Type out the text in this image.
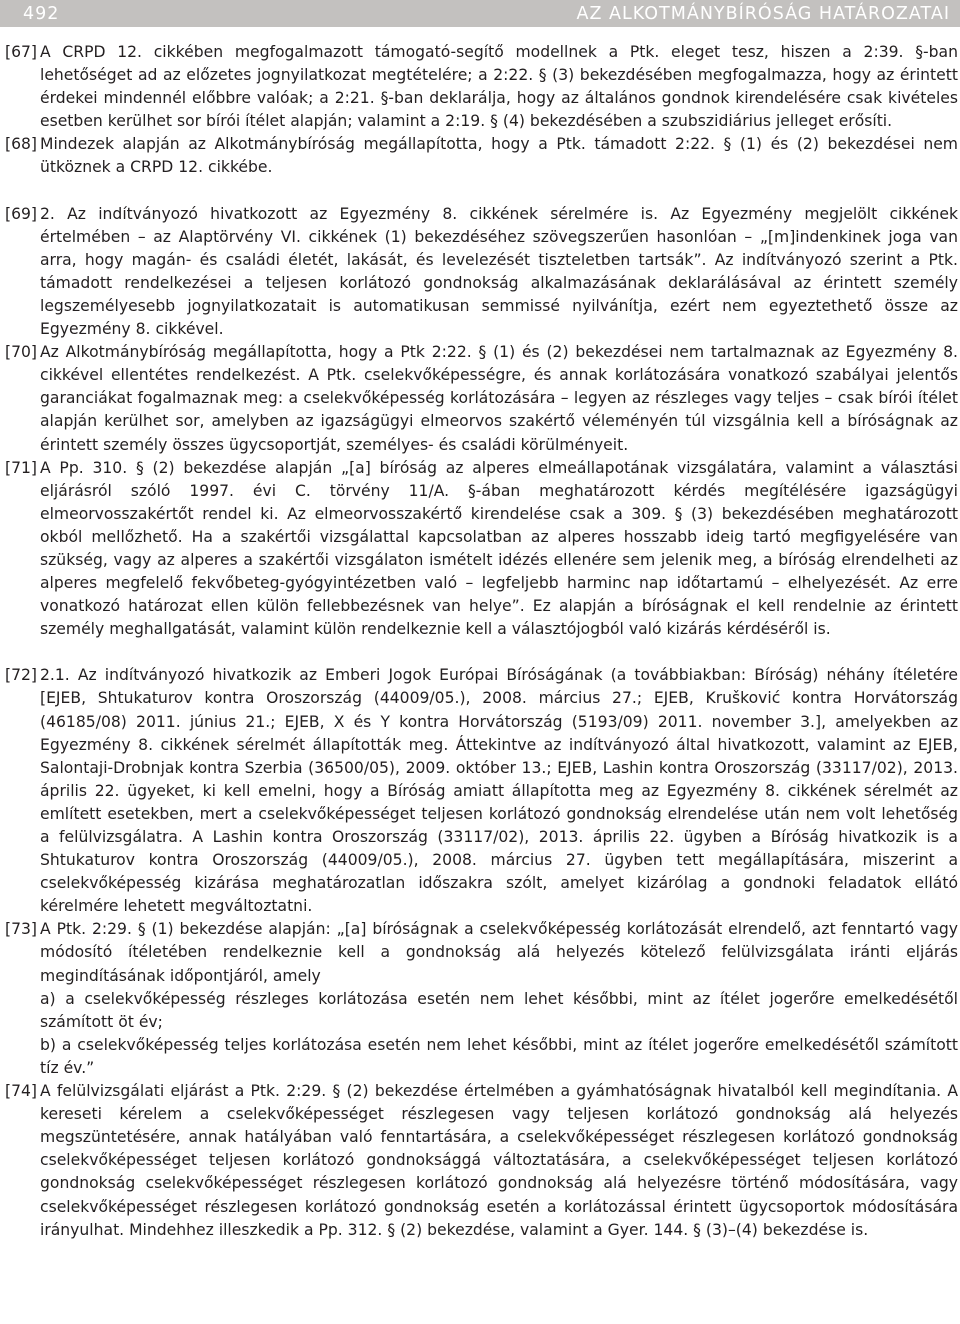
492	AZ ALKOTMÁNYBÍRÓSÁG HATÁROZATAI
[67] A CRPD 12. cikkében megfogalmazott támogató-segítő modellnek a Ptk. eleget tesz, hiszen a 2:39. §-ban lehetőséget ad az előzetes jognyilatkozat megtételére; a 2:22. § (3) bekezdésében megfogalmazza, hogy az érintett érdekei mindennél előbbre valóak; a 2:21. §-ban deklarálja, hogy az általános gondnok kirendelésére csak kivételes esetben kerülhet sor bírói ítélet alapján; valamint a 2:19. § (4) bekezdésében a szubszidiárius jelleget erősíti.
[68] Mindezek alapján az Alkotmánybíróság megállapította, hogy a Ptk. támadott 2:22. § (1) és (2) bekezdései nem ütköznek a CRPD 12. cikkébe.
[69] 2. Az indítványozó hivatkozott az Egyezmény 8. cikkének sérelmére is. Az Egyezmény megjelölt cikkének értelmében – az Alaptörvény VI. cikkének (1) bekezdéséhez szövegszerűen hasonlóan – „[m]indenkinek joga van arra, hogy magán- és családi életét, lakását, és levelezését tiszteletben tartsák”. Az indítványozó szerint a Ptk. támadott rendelkezései a teljesen korlátozó gondnokság alkalmazásának deklarálásával az érintett személy legszemélyesebb jognyilatkozatait is automatikusan semmissé nyilvánítja, ezért nem egyeztethető össze az Egyezmény 8. cikkével.
[70] Az Alkotmánybíróság megállapította, hogy a Ptk 2:22. § (1) és (2) bekezdései nem tartalmaznak az Egyezmény 8. cikkével ellentétes rendelkezést. A Ptk. cselekvőképességre, és annak korlátozására vonatkozó szabályai jelentős garanciákat fogalmaznak meg: a cselekvőképesség korlátozására – legyen az részleges vagy teljes – csak bírói ítélet alapján kerülhet sor, amelyben az igazságügyi elmeorvos szakértő véleményén túl vizsgálnia kell a bíróságnak az érintett személy összes ügycsoportját, személyes- és családi körülményeit.
[71] A Pp. 310. § (2) bekezdése alapján „[a] bíróság az alperes elmeállapotának vizsgálatára, valamint a választási eljárásról szóló 1997. évi C. törvény 11/A. §-ában meghatározott kérdés megítélésére igazságügyi elmeorvosszakértőt rendel ki. Az elmeorvosszakértő kirendelése csak a 309. § (3) bekezdésében meghatározott okból mellőzhető. Ha a szakértői vizsgálattal kapcsolatban az alperes hosszabb ideig tartó megfigyelésére van szükség, vagy az alperes a szakértői vizsgálaton ismételt idézés ellenére sem jelenik meg, a bíróság elrendelheti az alperes megfelelő fekvőbeteg-gyógyintézetben való – legfeljebb harminc nap időtartamú – elhelyezését. Az erre vonatkozó határozat ellen külön fellebbezésnek van helye”. Ez alapján a bíróságnak el kell rendelnie az érintett személy meghallgatását, valamint külön rendelkeznie kell a választójogból való kizárás kérdéséről is.
[72] 2.1. Az indítványozó hivatkozik az Emberi Jogok Európai Bíróságának (a továbbiakban: Bíróság) néhány ítéletére [EJEB, Shtukaturov kontra Oroszország (44009/05.), 2008. március 27.; EJEB, Krušković kontra Horvátország (46185/08) 2011. június 21.; EJEB, X és Y kontra Horvátország (5193/09) 2011. november 3.], amelyekben az Egyezmény 8. cikkének sérelmét állapították meg. Áttekintve az indítványozó által hivatkozott, valamint az EJEB, Salontaji-Drobnjak kontra Szerbia (36500/05), 2009. október 13.; EJEB, Lashin kontra Oroszország (33117/02), 2013. április 22. ügyeket, ki kell emelni, hogy a Bíróság amiatt állapította meg az Egyezmény 8. cikkének sérelmét az említett esetekben, mert a cselekvőképességet teljesen korlátozó gondnokság elrendelése után nem volt lehetőség a felülvizsgálatra. A Lashin kontra Oroszország (33117/02), 2013. április 22. ügyben a Bíróság hivatkozik is a Shtukaturov kontra Oroszország (44009/05.), 2008. március 27. ügyben tett megállapítására, miszerint a cselekvőképesség kizárása meghatározatlan időszakra szólt, amelyet kizárólag a gondnoki feladatok ellátó kérelmére lehetett megváltoztatni.
[73] A Ptk. 2:29. § (1) bekezdése alapján: „[a] bíróságnak a cselekvőképesség korlátozását elrendelő, azt fenntartó vagy módosító ítéletében rendelkeznie kell a gondnokság alá helyezés kötelező felülvizsgálata iránti eljárás megindításának időpontjáról, amely
a) a cselekvőképesség részleges korlátozása esetén nem lehet későbbi, mint az ítélet jogerőre emelkedésétől számított öt év;
b) a cselekvőképesség teljes korlátozása esetén nem lehet későbbi, mint az ítélet jogerőre emelkedésétől számított tíz év.”
[74] A felülvizsgálati eljárást a Ptk. 2:29. § (2) bekezdése értelmében a gyámhatóságnak hivatalból kell megindítania. A kereseti kérelem a cselekvőképességet részlegesen vagy teljesen korlátozó gondnokság alá helyezés megszüntetésére, annak hatályában való fenntartására, a cselekvőképességet részlegesen korlátozó gondnokság cselekvőképességet teljesen korlátozó gondnoksággá változtatására, a cselekvőképességet teljesen korlátozó gondnokság cselekvőképességet részlegesen korlátozó gondnokság alá helyezésre történő módosítására, vagy cselekvőképességet részlegesen korlátozó gondnokság esetén a korlátozással érintett ügycsoportok módosítására irányulhat. Mindehhez illeszkedik a Pp. 312. § (2) bekezdése, valamint a Gyer. 144. § (3)–(4) bekezdése is.
